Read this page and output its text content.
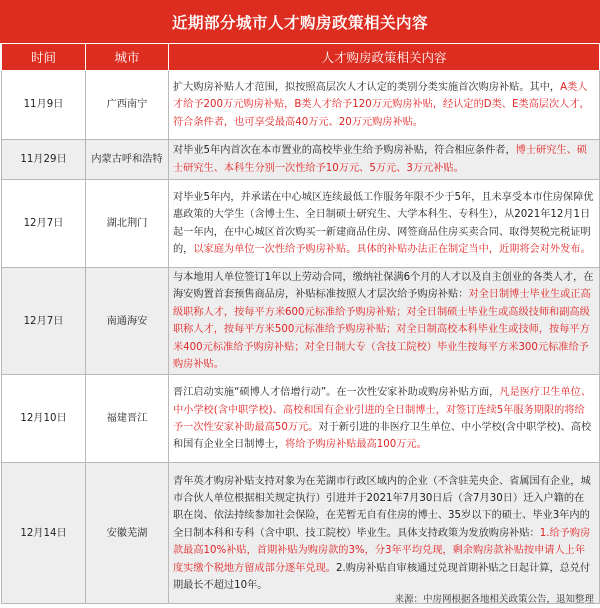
近期部分城市人才购房政策相关内容
时间	城市	人才购房政策相关内容
11月9日	广西南宁	扩大购房补贴人才范围，拟按照高层次人才认定的类别分类实施首次购房补贴。其中，A类人才给予200万元购房补贴，B类人才给予120万元购房补贴，经认定的D类、E类高层次人才，符合条件者，也可享受最高40万元、20万元购房补贴。
11月29日	内蒙古呼和浩特	对毕业5年内首次在本市置业的高校毕业生给予购房补贴，符合相应条件者，博士研究生、硕士研究生、本科生分别一次性给予10万元、5万元、3万元补贴。
12月7日	湖北荆门	对毕业5年内，并承诺在中心城区连续最低工作服务年限不少于5年，且未享受本市住房保障优惠政策的大学生（含博士生、全日制硕士研究生、大学本科生、专科生），从2021年12月1日起一年内，在中心城区首次购买一新建商品住房、网签商品住房买卖合同、取得契税完税证明的，以家庭为单位一次性给予购房补贴。具体的补贴办法正在制定当中，近期将会对外发布。
12月7日	南通海安	与本地用人单位签订1年以上劳动合同，缴纳社保满6个月的人才以及自主创业的各类人才，在海安购置首套预售商品房，补贴标准按照人才层次给予购房补贴：对全日制博士毕业生或正高级职称人才，按每平方米600元标准给予购房补贴；对全日制硕士毕业生或高级技师和副高级职称人才，按每平方米500元标准给予购房补贴；对全日制高校本科毕业生或技师，按每平方米400元标准给予购房补贴；对全日制大专（含技工院校）毕业生按每平方米300元标准给予购房补贴。
12月10日	福建晋江	晋江启动实施“硕博人才倍增行动”。在一次性安家补助或购房补贴方面，凡是医疗卫生单位、中小学校(含中职学校)、高校和国有企业引进的全日制博士，对签订连续5年服务期限的将给予一次性安家补助最高50万元。对于新引进的非医疗卫生单位、中小学校(含中职学校)、高校和国有企业全日制博士，将给予购房补贴最高100万元。
12月14日	安徽芜湖	青年英才购房补贴支持对象为在芜湖市行政区域内的企业（不含驻芜央企、省属国有企业，城市合伙人单位根据相关规定执行）引进并于2021年7月30日后（含7月30日）迁入户籍的在职在岗、依法持续参加社会保险，在芜暂无自有住房的博士、35岁以下的硕士、毕业3年内的全日制本科和专科（含中职、技工院校）毕业生。具体支持政策为发放购房补贴：1.给予购房款最高10%补贴，首期补贴为购房款的3%，分3年平均兑现，剩余购房款补贴按申请人上年度实缴个税地方留成部分逐年兑现。2.购房补贴自审核通过兑现首期补贴之日起计算，总兑付期最长不超过10年。
来源：中房网根据各地相关政策公告，退知整理
